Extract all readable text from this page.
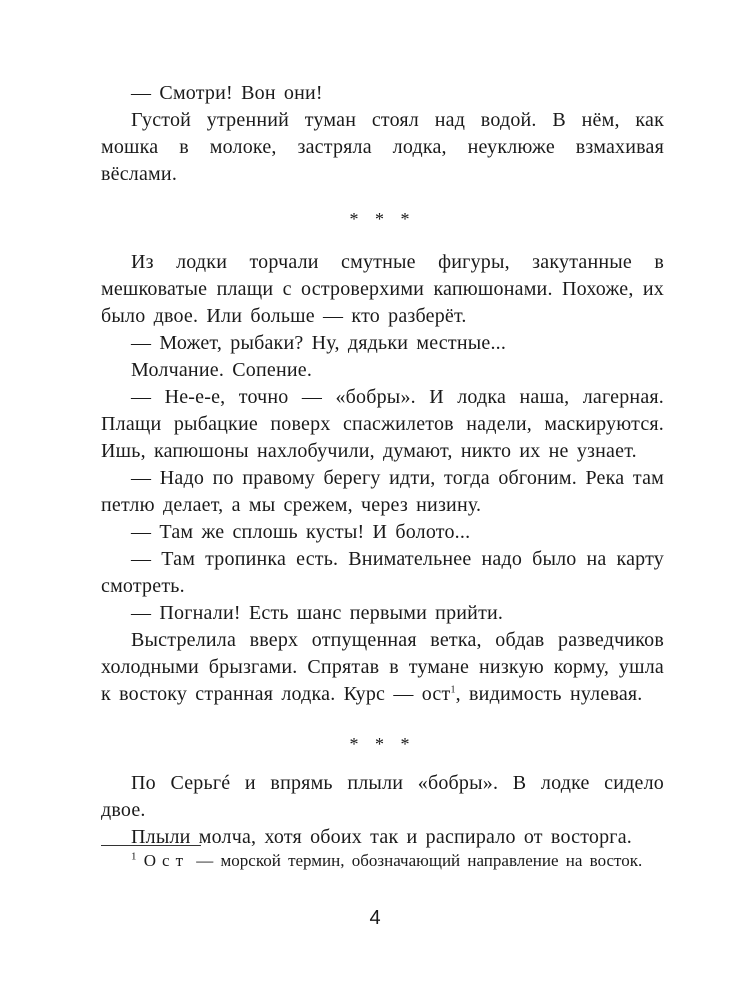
— Смотри! Вон они!

Густой утренний туман стоял над водой. В нём, как мошка в молоке, застряла лодка, неуклюже взмахивая вёслами.

* * *

Из лодки торчали смутные фигуры, закутанные в мешковатые плащи с островерхими капюшонами. Похоже, их было двое. Или больше — кто разберёт.

— Может, рыбаки? Ну, дядьки местные...

Молчание. Сопение.

— Не-е-е, точно — «бобры». И лодка наша, лагерная. Плащи рыбацкие поверх спасжилетов надели, маскируются. Ишь, капюшоны нахлобучили, думают, никто их не узнает.

— Надо по правому берегу идти, тогда обгоним. Река там петлю делает, а мы срежем, через низину.

— Там же сплошь кусты! И болото...

— Там тропинка есть. Внимательнее надо было на карту смотреть.

— Погнали! Есть шанс первыми прийти.

Выстрелила вверх отпущенная ветка, обдав разведчиков холодными брызгами. Спрятав в тумане низкую корму, ушла к востоку странная лодка. Курс — ост$^1$, видимость нулевая.

* * *

По Серьгé и впрямь плыли «бобры». В лодке сидело двое.

Плыли молча, хотя обоих так и распирало от восторга.

$^1$ Ост — морской термин, обозначающий направление на восток.
4
